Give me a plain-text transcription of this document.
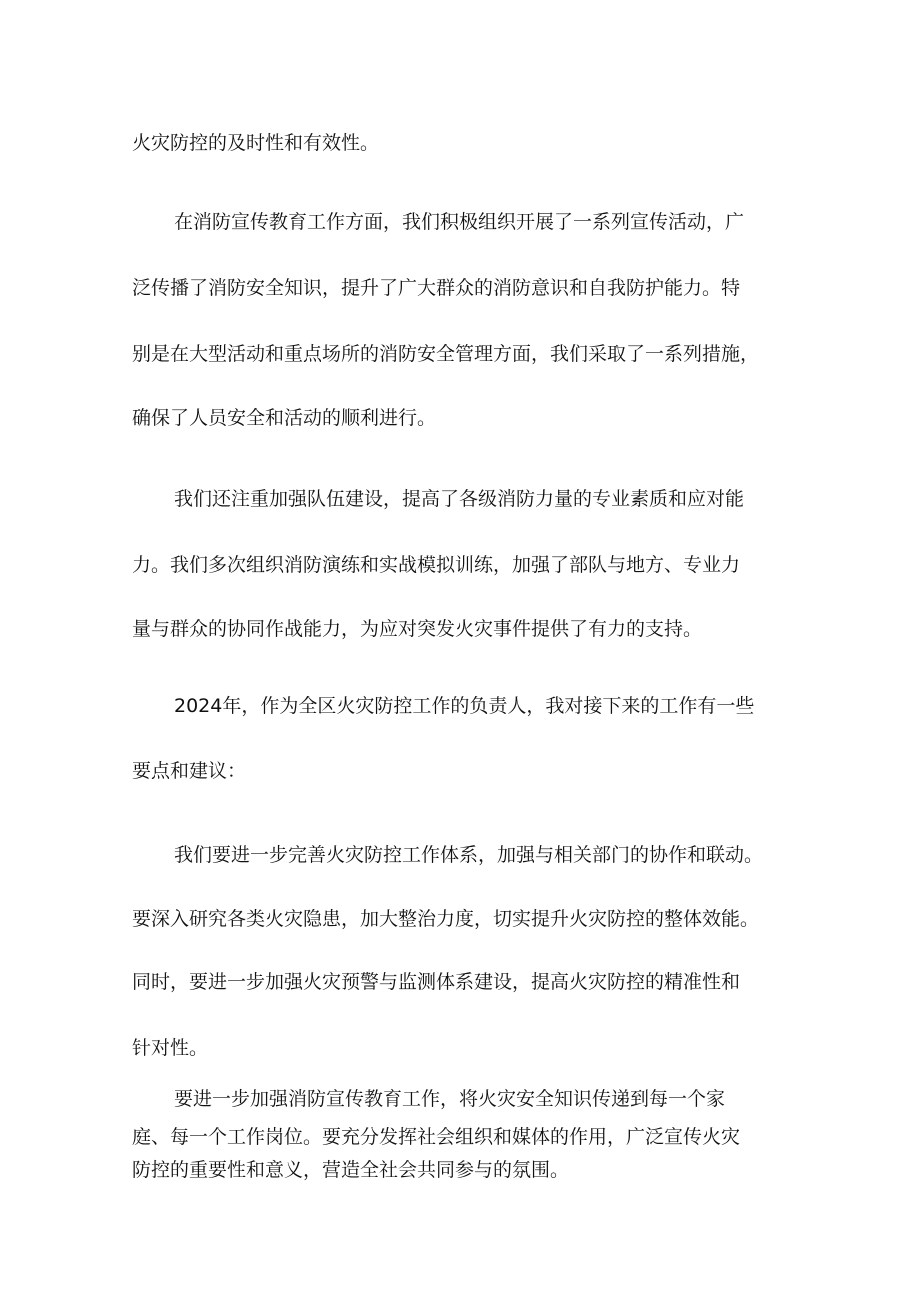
火灾防控的及时性和有效性。
在消防宣传教育工作方面，我们积极组织开展了一系列宣传活动，广
泛传播了消防安全知识，提升了广大群众的消防意识和自我防护能力。特
别是在大型活动和重点场所的消防安全管理方面，我们采取了一系列措施，
确保了人员安全和活动的顺利进行。
我们还注重加强队伍建设，提高了各级消防力量的专业素质和应对能
力。我们多次组织消防演练和实战模拟训练，加强了部队与地方、专业力
量与群众的协同作战能力，为应对突发火灾事件提供了有力的支持。
2024年，作为全区火灾防控工作的负责人，我对接下来的工作有一些
要点和建议：
我们要进一步完善火灾防控工作体系，加强与相关部门的协作和联动。
要深入研究各类火灾隐患，加大整治力度，切实提升火灾防控的整体效能。
同时，要进一步加强火灾预警与监测体系建设，提高火灾防控的精准性和
针对性。
要进一步加强消防宣传教育工作，将火灾安全知识传递到每一个家
庭、每一个工作岗位。要充分发挥社会组织和媒体的作用，广泛宣传火灾
防控的重要性和意义，营造全社会共同参与的氛围。
